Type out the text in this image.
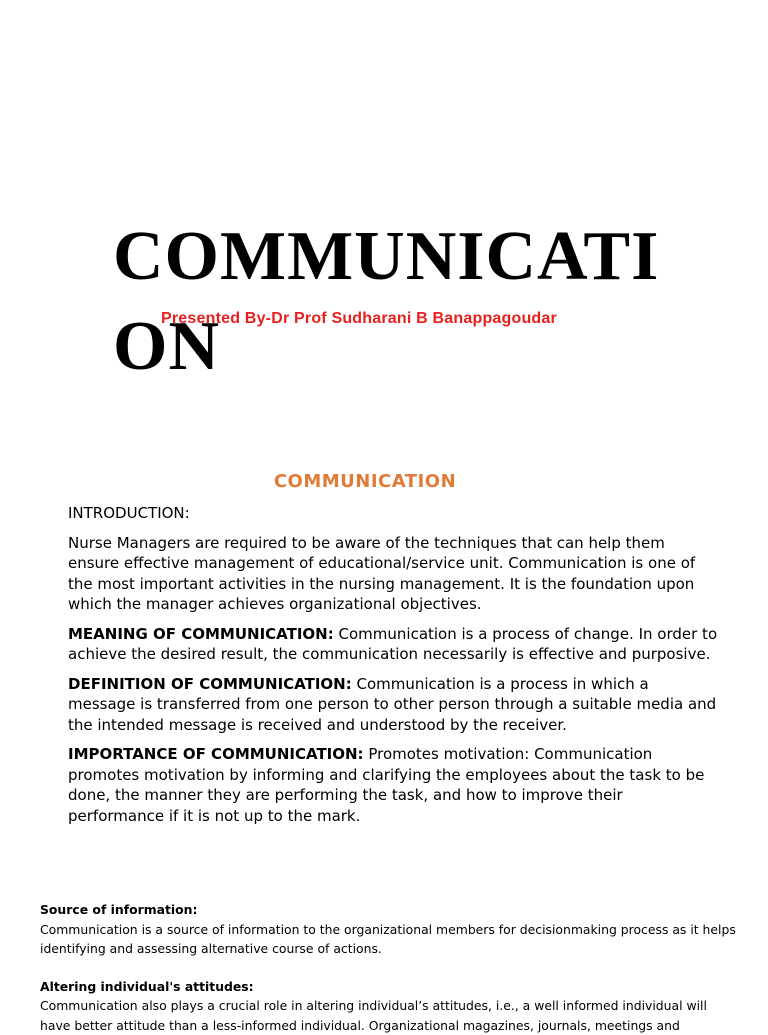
COMMUNICATION
Presented By-Dr Prof Sudharani B Banappagoudar
COMMUNICATION

INTRODUCTION:

Nurse Managers are required to be aware of the techniques that can help them ensure effective management of educational/service unit. Communication is one of the most important activities in the nursing management. It is the foundation upon which the manager achieves organizational objectives.

MEANING OF COMMUNICATION: Communication is a process of change. In order to achieve the desired result, the communication necessarily is effective and purposive.

DEFINITION OF COMMUNICATION: Communication is a process in which a message is transferred from one person to other person through a suitable media and the intended message is received and understood by the receiver.

IMPORTANCE OF COMMUNICATION: Promotes motivation: Communication promotes motivation by informing and clarifying the employees about the task to be done, the manner they are performing the task, and how to improve their performance if it is not up to the mark.

Source of information:

Communication is a source of information to the organizational members for decisionmaking process as it helps identifying and assessing alternative course of actions.

Altering individual's attitudes:

Communication also plays a crucial role in altering individual’s attitudes, i.e., a well informed individual will have better attitude than a less-informed individual. Organizational magazines, journals, meetings and
